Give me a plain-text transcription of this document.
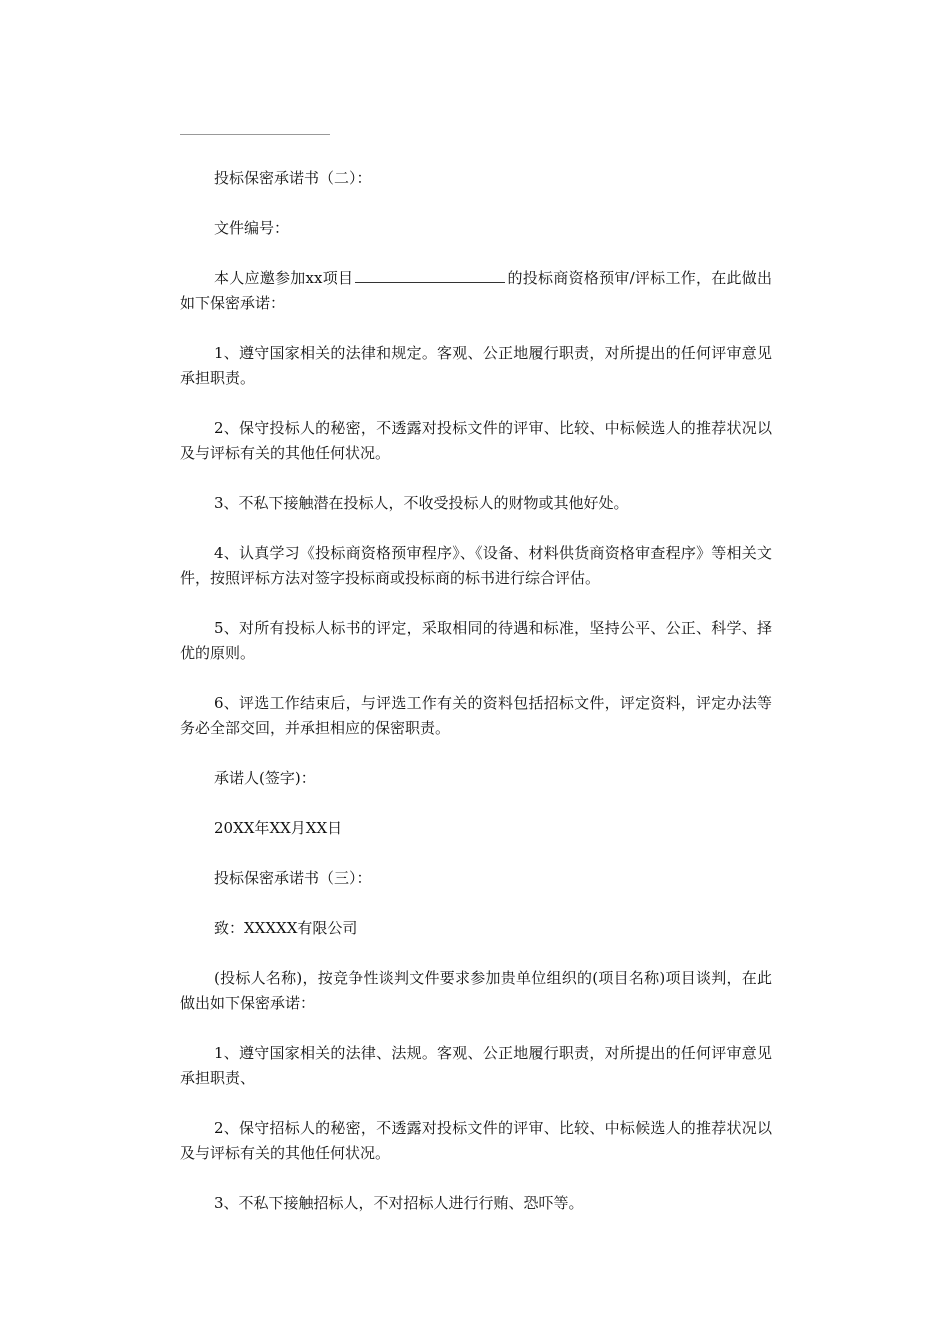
投标保密承诺书（二）：

文件编号：

本人应邀参加xx项目	的投标商资格预审/评标工作，在此做出如下保密承诺：

1、遵守国家相关的法律和规定。客观、公正地履行职责，对所提出的任何评审意见承担职责。

2、保守投标人的秘密，不透露对投标文件的评审、比较、中标候选人的推荐状况以及与评标有关的其他任何状况。

3、不私下接触潜在投标人，不收受投标人的财物或其他好处。

4、认真学习《投标商资格预审程序》、《设备、材料供货商资格审查程序》等相关文件，按照评标方法对签字投标商或投标商的标书进行综合评估。

5、对所有投标人标书的评定，采取相同的待遇和标准，坚持公平、公正、科学、择优的原则。

6、评选工作结束后，与评选工作有关的资料包括招标文件，评定资料，评定办法等务必全部交回，并承担相应的保密职责。

承诺人(签字)：

20XX年XX月XX日

投标保密承诺书（三）：

致：XXXXX有限公司

(投标人名称)，按竞争性谈判文件要求参加贵单位组织的(项目名称)项目谈判，在此做出如下保密承诺：

1、遵守国家相关的法律、法规。客观、公正地履行职责，对所提出的任何评审意见承担职责、

2、保守招标人的秘密，不透露对投标文件的评审、比较、中标候选人的推荐状况以及与评标有关的其他任何状况。

3、不私下接触招标人，不对招标人进行行贿、恐吓等。
